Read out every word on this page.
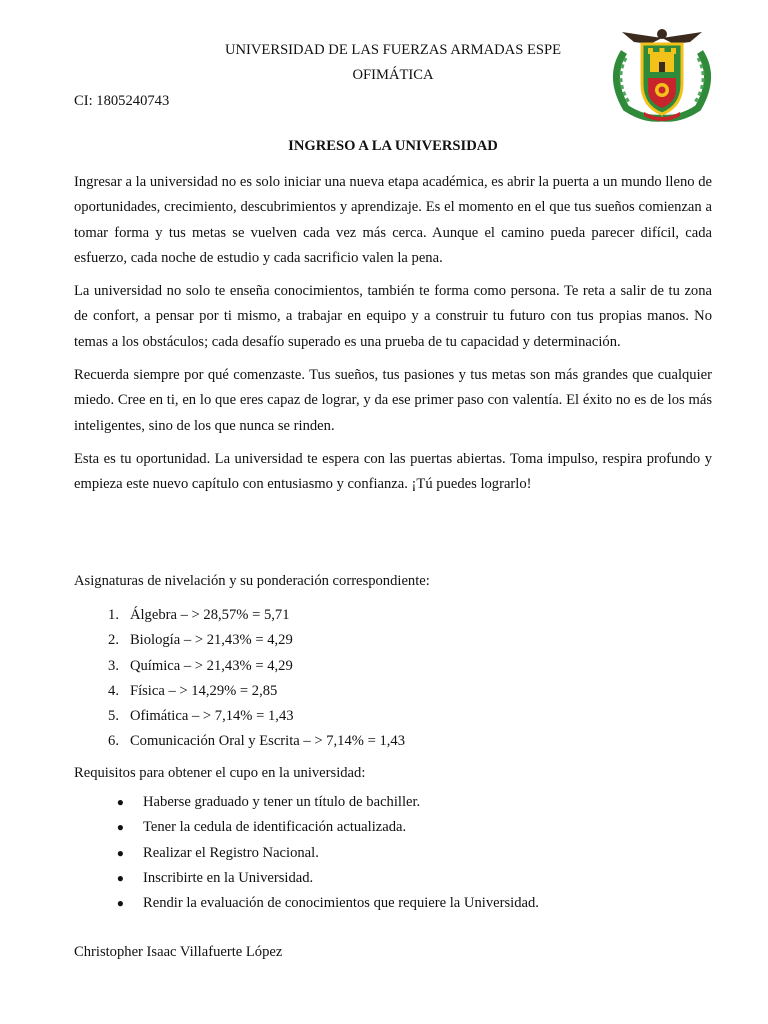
UNIVERSIDAD DE LAS FUERZAS ARMADAS ESPE
OFIMÁTICA
CI: 1805240743
INGRESO A LA UNIVERSIDAD

Ingresar a la universidad no es solo iniciar una nueva etapa académica, es abrir la puerta a un mundo lleno de oportunidades, crecimiento, descubrimientos y aprendizaje. Es el momento en el que tus sueños comienzan a tomar forma y tus metas se vuelven cada vez más cerca. Aunque el camino pueda parecer difícil, cada esfuerzo, cada noche de estudio y cada sacrificio valen la pena.

La universidad no solo te enseña conocimientos, también te forma como persona. Te reta a salir de tu zona de confort, a pensar por ti mismo, a trabajar en equipo y a construir tu futuro con tus propias manos. No temas a los obstáculos; cada desafío superado es una prueba de tu capacidad y determinación.

Recuerda siempre por qué comenzaste. Tus sueños, tus pasiones y tus metas son más grandes que cualquier miedo. Cree en ti, en lo que eres capaz de lograr, y da ese primer paso con valentía. El éxito no es de los más inteligentes, sino de los que nunca se rinden.

Esta es tu oportunidad. La universidad te espera con las puertas abiertas. Toma impulso, respira profundo y empieza este nuevo capítulo con entusiasmo y confianza. ¡Tú puedes lograrlo!

Asignaturas de nivelación y su ponderación correspondiente:
1. Álgebra – > 28,57% = 5,71
2. Biología – > 21,43% = 4,29
3. Química – > 21,43% = 4,29
4. Física – > 14,29% = 2,85
5. Ofimática – > 7,14% = 1,43
6. Comunicación Oral y Escrita – > 7,14% = 1,43
Requisitos para obtener el cupo en la universidad:
● Haberse graduado y tener un título de bachiller.
● Tener la cedula de identificación actualizada.
● Realizar el Registro Nacional.
● Inscribirte en la Universidad.
● Rendir la evaluación de conocimientos que requiere la Universidad.
Christopher Isaac Villafuerte López
